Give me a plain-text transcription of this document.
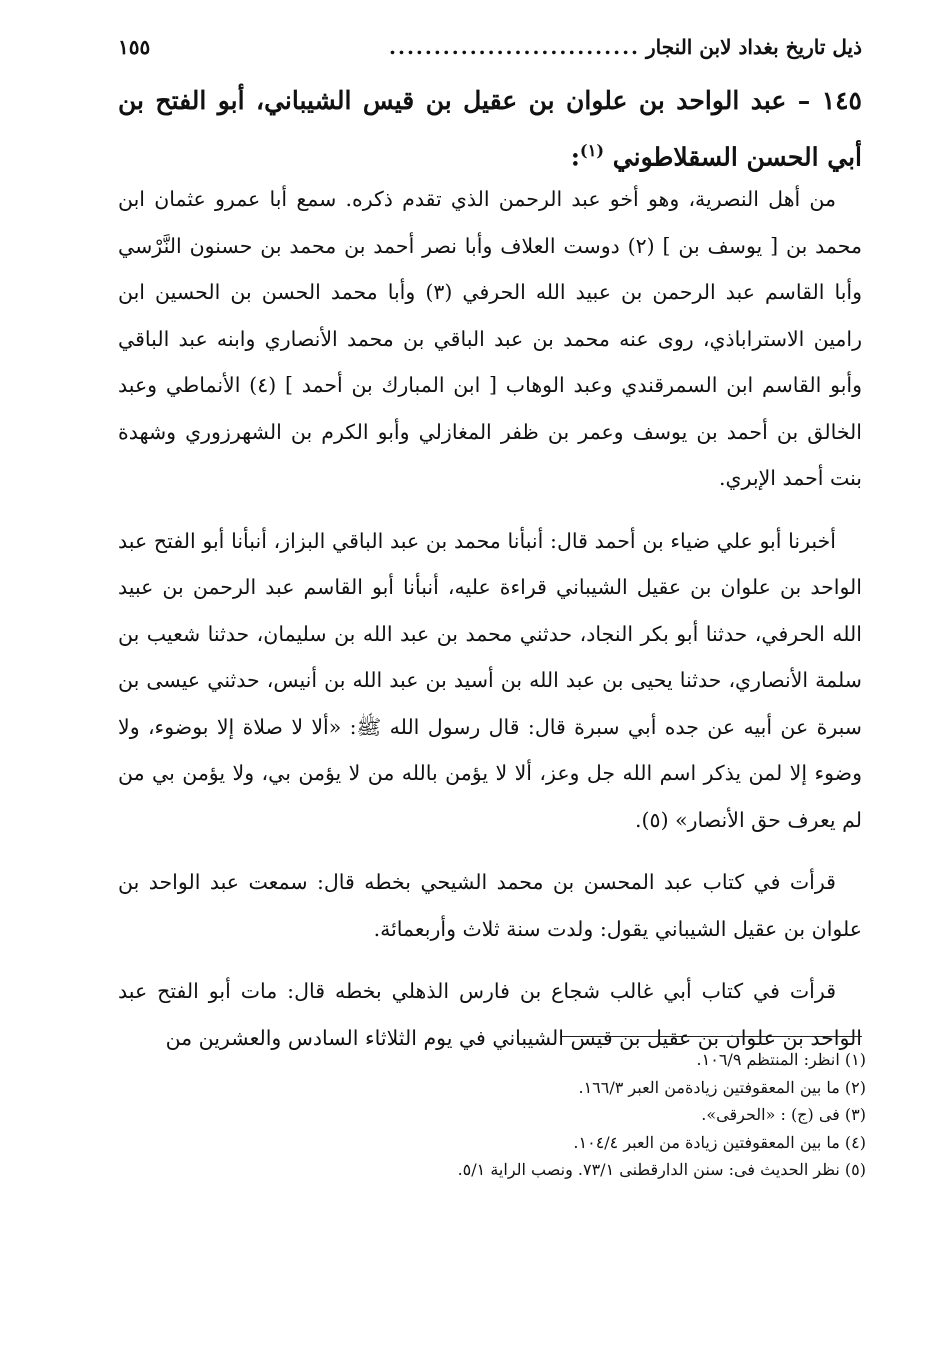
ذيل تاريخ بغداد لابن النجار
............................
١٥٥
١٤٥ – عبد الواحد بن علوان بن عقيل بن قيس الشيباني، أبو الفتح بن أبي الحسن السقلاطوني $^{(١)}$:

من أهل النصرية، وهو أخو عبد الرحمن الذي تقدم ذكره. سمع أبا عمرو عثمان ابن محمد بن [ يوسف بن ] (٢) دوست العلاف وأبا نصر أحمد بن محمد بن حسنون النَّرْسي وأبا القاسم عبد الرحمن بن عبيد الله الحرفي (٣) وأبا محمد الحسن بن الحسين ابن رامين الاستراباذي، روى عنه محمد بن عبد الباقي بن محمد الأنصاري وابنه عبد الباقي وأبو القاسم ابن السمرقندي وعبد الوهاب [ ابن المبارك بن أحمد ] (٤) الأنماطي وعبد الخالق بن أحمد بن يوسف وعمر بن ظفر المغازلي وأبو الكرم بن الشهرزوري وشهدة بنت أحمد الإبري.

أخبرنا أبو علي ضياء بن أحمد قال: أنبأنا محمد بن عبد الباقي البزاز، أنبأنا أبو الفتح عبد الواحد بن علوان بن عقيل الشيباني قراءة عليه، أنبأنا أبو القاسم عبد الرحمن بن عبيد الله الحرفي، حدثنا أبو بكر النجاد، حدثني محمد بن عبد الله بن سليمان، حدثنا شعيب بن سلمة الأنصاري، حدثنا يحيى بن عبد الله بن أسيد بن عبد الله بن أنيس، حدثني عيسى بن سبرة عن أبيه عن جده أبي سبرة قال: قال رسول الله ﷺ: «ألا لا صلاة إلا بوضوء، ولا وضوء إلا لمن يذكر اسم الله جل وعز، ألا لا يؤمن بالله من لا يؤمن بي، ولا يؤمن بي من لم يعرف حق الأنصار» (٥).

قرأت في كتاب عبد المحسن بن محمد الشيحي بخطه قال: سمعت عبد الواحد بن علوان بن عقيل الشيباني يقول: ولدت سنة ثلاث وأربعمائة.

قرأت في كتاب أبي غالب شجاع بن فارس الذهلي بخطه قال: مات أبو الفتح عبد الواحد بن علوان بن عقيل بن قيس الشيباني في يوم الثلاثاء السادس والعشرين من

(١) انظر: المنتظم ١٠٦/٩.
(٢) ما بين المعقوفتين زيادةمن العبر ١٦٦/٣.
(٣) فى (ج) : «الحرقى».
(٤) ما بين المعقوفتين زيادة من العبر ١٠٤/٤.
(٥) نظر الحديث فى: سنن الدارقطنى ٧٣/١. ونصب الراية ٥/١.
